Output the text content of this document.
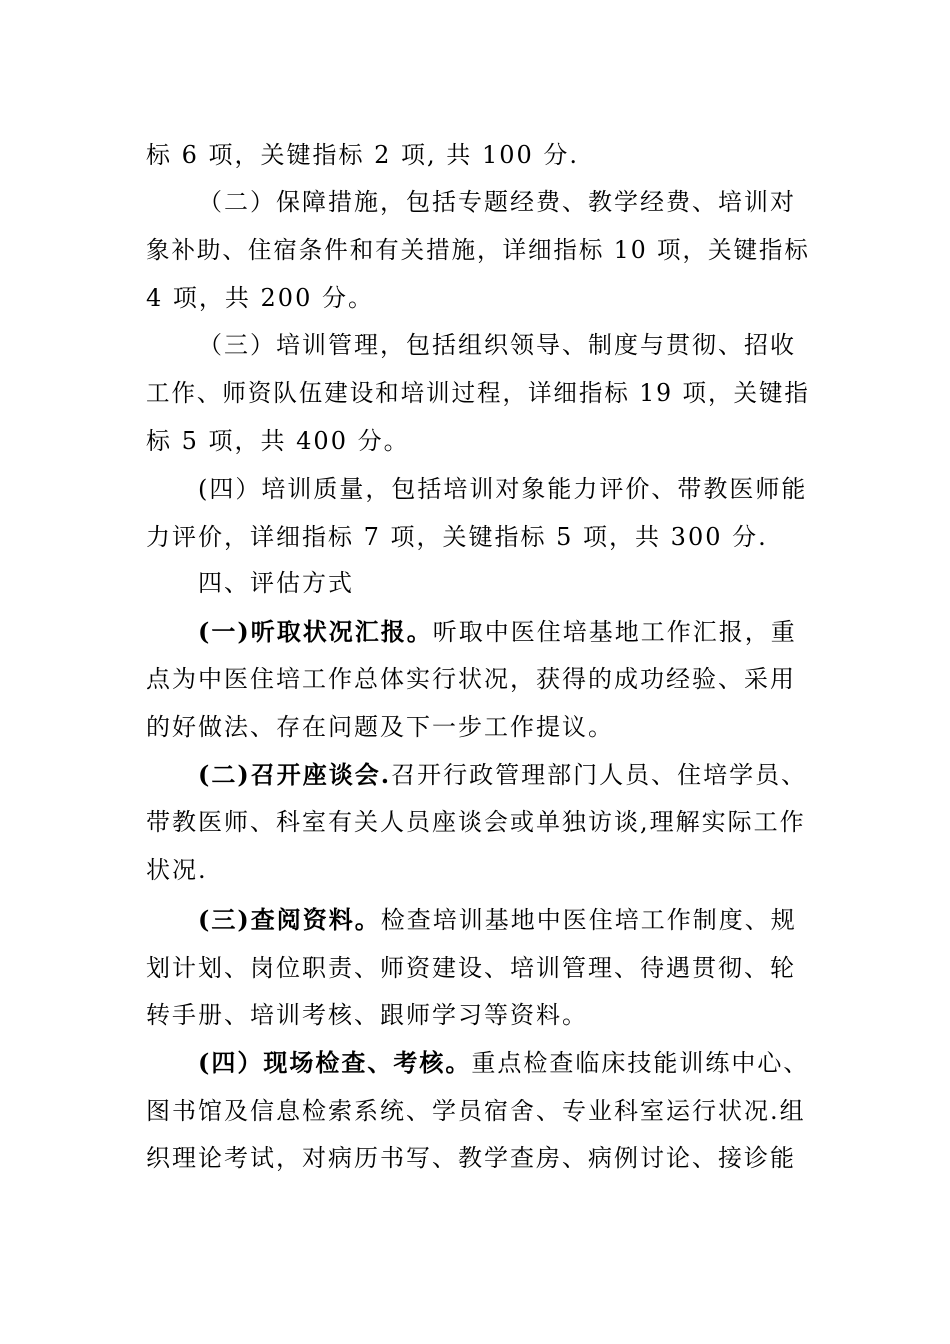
标 6 项，关键指标 2 项, 共 100 分.
（二）保障措施，包括专题经费、教学经费、培训对
象补助、住宿条件和有关措施，详细指标 10 项，关键指标
4 项，共 200 分。
（三）培训管理，包括组织领导、制度与贯彻、招收
工作、师资队伍建设和培训过程，详细指标 19 项，关键指
标 5 项，共 400 分。
(四）培训质量，包括培训对象能力评价、带教医师能
力评价，详细指标 7 项，关键指标 5 项，共 300 分.
四、评估方式
(一)听取状况汇报。听取中医住培基地工作汇报，重
点为中医住培工作总体实行状况，获得的成功经验、采用
的好做法、存在问题及下一步工作提议。
(二)召开座谈会.召开行政管理部门人员、住培学员、
带教医师、科室有关人员座谈会或单独访谈,理解实际工作
状况.
(三)查阅资料。检查培训基地中医住培工作制度、规
划计划、岗位职责、师资建设、培训管理、待遇贯彻、轮
转手册、培训考核、跟师学习等资料。
(四）现场检查、考核。重点检查临床技能训练中心、
图书馆及信息检索系统、学员宿舍、专业科室运行状况.组
织理论考试，对病历书写、教学查房、病例讨论、接诊能
